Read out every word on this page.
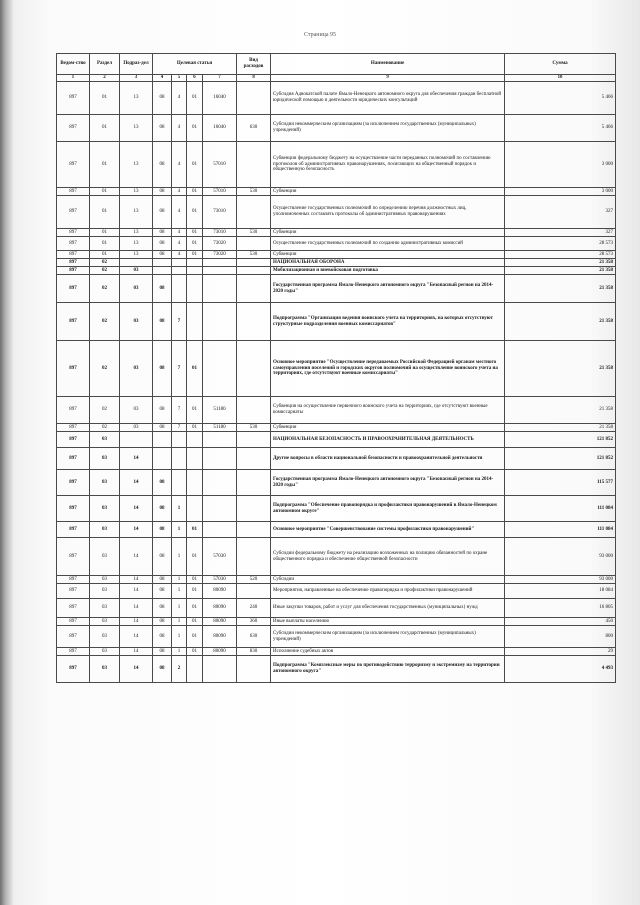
Страница 95
Ведом-ство	Раздел	Подраз-дел	Целевая статья				Вид расходов	Наименование	Сумма
1	2	3	4	5	6	7	8	9	10
897	01	13	08	4	01	16040		Субсидия Адвокатской палате Ямало-Ненецкого автономного округа для обеспечения граждан бесплатной юридической помощью и деятельности юридических консультаций	5 466
897	01	13	08	4	01	16040	630	Субсидии некоммерческим организациям (за исключением государственных (муниципальных) учреждений)	5 466
897	01	13	08	4	01	57010		Субвенции федеральному бюджету на осуществление части переданных полномочий по составлению протоколов об административных правонарушениях, посягающих на общественный порядок и общественную безопасность	3 000
897	01	13	08	4	01	57010	530	Субвенции	3 000
897	01	13	08	4	01	73010		Осуществление государственных полномочий по определению перечня должностных лиц, уполномоченных составлять протоколы об административных правонарушениях	327
897	01	13	08	4	01	73010	530	Субвенции	327
897	01	13	08	4	01	73020		Осуществление государственных полномочий по созданию административных комиссий	28 573
897	01	13	08	4	01	73020	530	Субвенции	28 573
897	02							НАЦИОНАЛЬНАЯ ОБОРОНА	21 358
897	02	03						Мобилизационная и вневойсковая подготовка	21 358
897	02	03	08					Государственная программа Ямало-Ненецкого автономного округа "Безопасный регион на 2014-2020 годы"	21 358
897	02	03	08	7				Подпрограмма "Организация ведения воинского учета на территориях, на которых отсутствуют структурные подразделения военных комиссариатов"	21 358
897	02	03	08	7	01			Основное мероприятие "Осуществление передаваемых Российской Федерацией органам местного самоуправления поселений и городских округов полномочий на осуществление воинского учета на территориях, где отсутствуют военные комиссариаты"	21 358
897	02	03	08	7	01	51180		Субвенция на осуществление первичного воинского учета на территориях, где отсутствуют военные комиссариаты	21 358
897	02	03	08	7	01	51180	530	Субвенции	21 358
897	03							НАЦИОНАЛЬНАЯ БЕЗОПАСНОСТЬ И ПРАВООХРАНИТЕЛЬНАЯ ДЕЯТЕЛЬНОСТЬ	121 852
897	03	14						Другие вопросы в области национальной безопасности и правоохранительной деятельности	121 852
897	03	14	08					Государственная программа Ямало-Ненецкого автономного округа "Безопасный регион на 2014-2020 годы"	115 577
897	03	14	08	1				Подпрограмма "Обеспечение правопорядка и профилактики правонарушений в Ямало-Ненецком автономном округе"	111 084
897	03	14	08	1	01			Основное мероприятие "Совершенствование системы профилактики правонарушений"	111 084
897	03	14	08	1	01	57030		Субсидии федеральному бюджету на реализацию возложенных на полицию обязанностей по охране общественного порядка и обеспечение общественной безопасности	93 000
897	03	14	08	1	01	57030	520	Субсидии	93 000
897	03	14	08	1	01	80090		Мероприятия, направленные на обеспечение правопорядка и профилактики правонарушений	18 084
897	03	14	08	1	01	80090	240	Иные закупки товаров, работ и услуг для обеспечения государственных (муниципальных) нужд	16 805
897	03	14	08	1	01	80090	360	Иные выплаты населению	450
897	03	14	08	1	01	80090	630	Субсидии некоммерческим организациям (за исключением государственных (муниципальных) учреждений)	800
897	03	14	08	1	01	80090	830	Исполнение судебных актов	29
897	03	14	08	2				Подпрограмма "Комплексные меры по противодействию терроризму и экстремизму на территории автономного округа"	4 493
